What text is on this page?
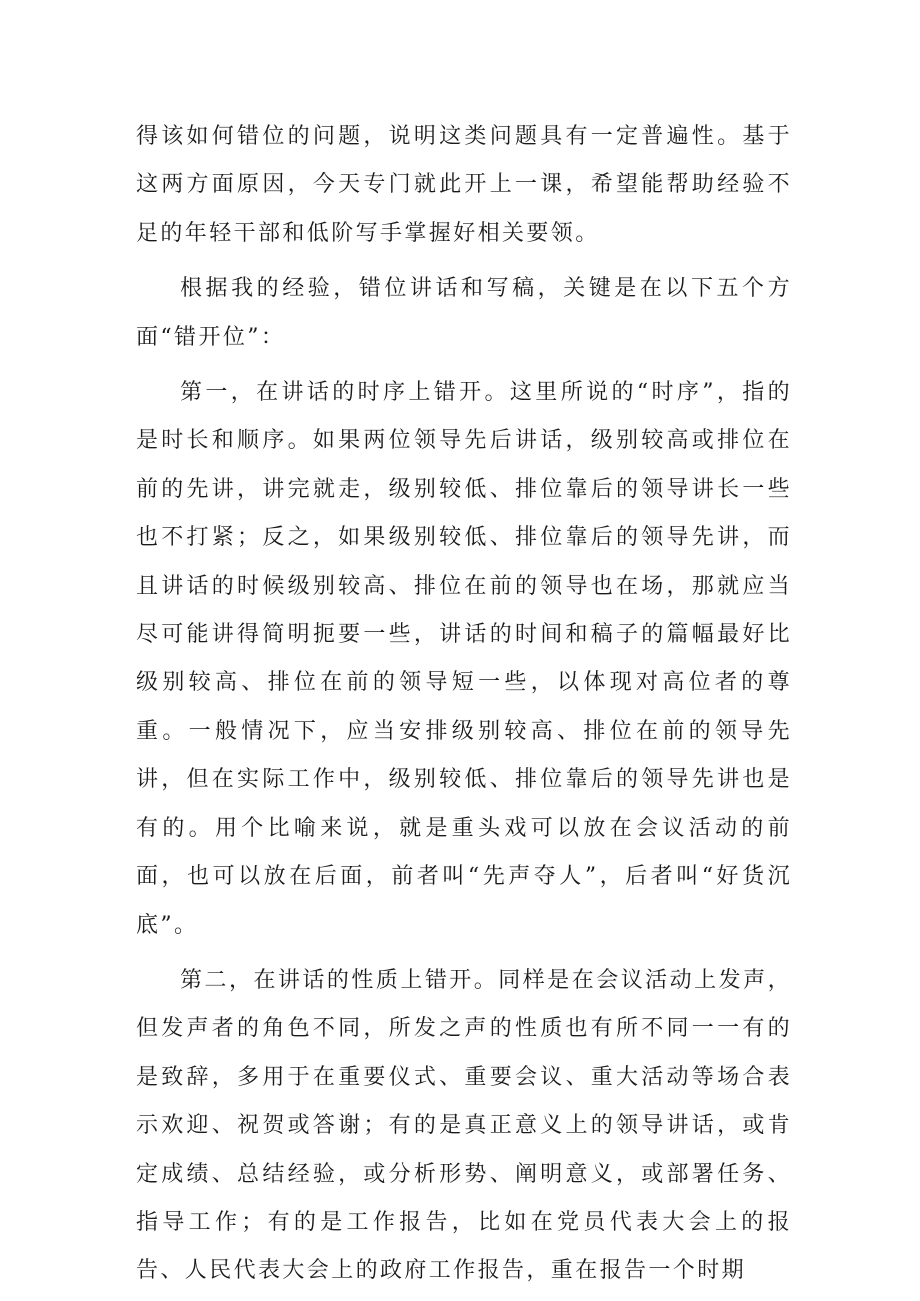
得该如何错位的问题，说明这类问题具有一定普遍性。基于这两方面原因，今天专门就此开上一课，希望能帮助经验不足的年轻干部和低阶写手掌握好相关要领。

根据我的经验，错位讲话和写稿，关键是在以下五个方面“错开位”：

第一，在讲话的时序上错开。这里所说的“时序”，指的是时长和顺序。如果两位领导先后讲话，级别较高或排位在前的先讲，讲完就走，级别较低、排位靠后的领导讲长一些也不打紧；反之，如果级别较低、排位靠后的领导先讲，而且讲话的时候级别较高、排位在前的领导也在场，那就应当尽可能讲得简明扼要一些，讲话的时间和稿子的篇幅最好比级别较高、排位在前的领导短一些，以体现对高位者的尊重。一般情况下，应当安排级别较高、排位在前的领导先讲，但在实际工作中，级别较低、排位靠后的领导先讲也是有的。用个比喻来说，就是重头戏可以放在会议活动的前面，也可以放在后面，前者叫“先声夺人”，后者叫“好货沉底”。

第二，在讲话的性质上错开。同样是在会议活动上发声，但发声者的角色不同，所发之声的性质也有所不同一一有的是致辞，多用于在重要仪式、重要会议、重大活动等场合表示欢迎、祝贺或答谢；有的是真正意义上的领导讲话，或肯定成绩、总结经验，或分析形势、阐明意义，或部署任务、指导工作；有的是工作报告，比如在党员代表大会上的报告、人民代表大会上的政府工作报告，重在报告一个时期
